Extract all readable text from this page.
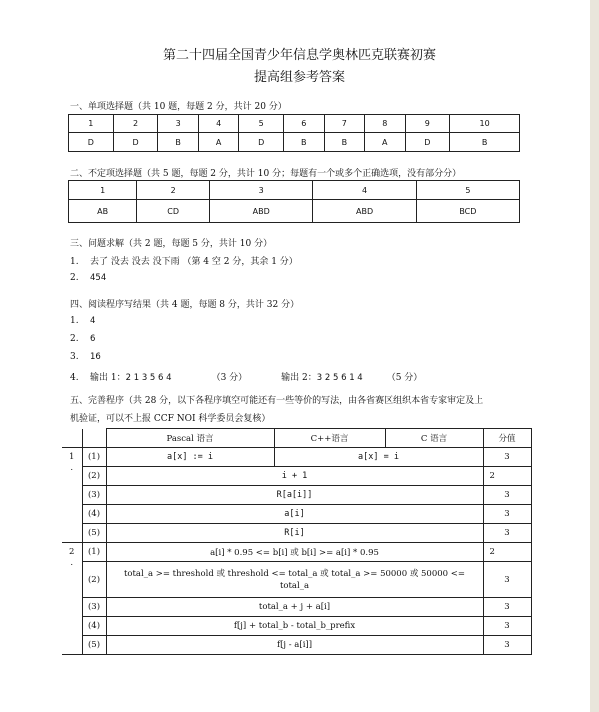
第二十四届全国青少年信息学奥林匹克联赛初赛
提高组参考答案
一、单项选择题（共 10 题，每题 2 分，共计 20 分）
1	2	3	4	5	6	7	8	9	10
D	D	B	A	D	B	B	A	D	B
二、不定项选择题（共 5 题，每题 2 分，共计 10 分；每题有一个或多个正确选项，没有部分分）
1	2	3	4	5
AB	CD	ABD	ABD	BCD
三、问题求解（共 2 题，每题 5 分，共计 10 分）
1. 去了 没去 没去 没下雨 （第 4 空 2 分，其余 1 分）
2. 454
四、阅读程序写结果（共 4 题，每题 8 分，共计 32 分）
1. 4
2. 6
3. 16
4. 输出 1：2 1 3 5 6 4	（3 分）	输出 2：3 2 5 6 1 4	（5 分）
五、完善程序（共 28 分，以下各程序填空可能还有一些等价的写法，由各省赛区组织本省专家审定及上
机验证，可以不上报 CCF NOI 科学委员会复核）
		Pascal 语言	C++语言	C 语言	分值
1
.	(1)	a[x] := i	a[x] = i		3
	(2)	i + 1			2
	(3)	R[a[i]]			3
	(4)	a[i]			3
	(5)	R[i]			3
2
.	(1)	a[i] * 0.95 <= b[i] 或 b[i] >= a[i] * 0.95			2
	(2)	total_a >= threshold 或 threshold <= total_a 或 total_a >= 50000 或 50000 <= total_a			3
	(3)	total_a + j + a[i]			3
	(4)	f[j] + total_b - total_b_prefix			3
	(5)	f[j - a[i]]			3
